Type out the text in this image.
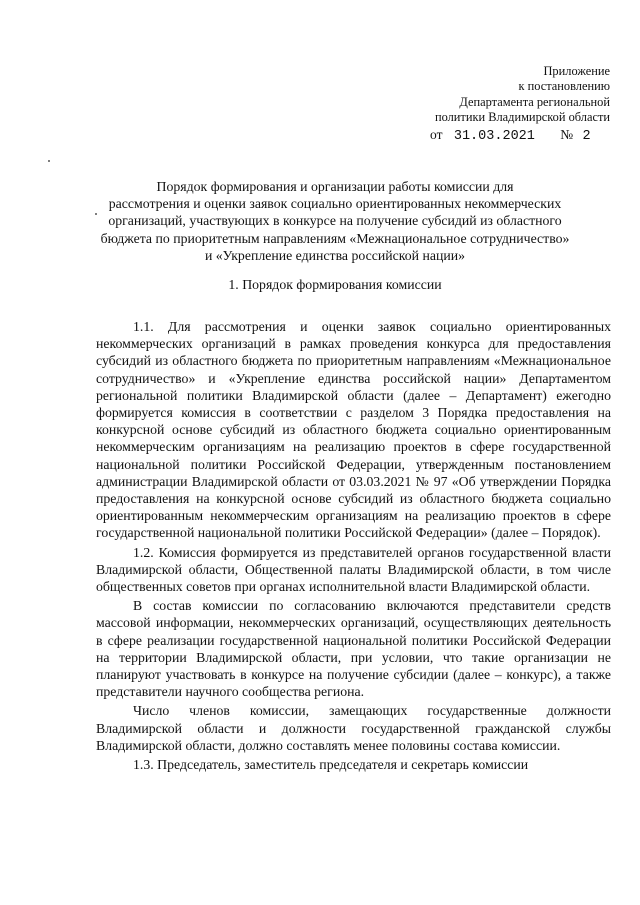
Приложение
к постановлению
Департамента региональной
политики Владимирской области
от 31.03.2021 № 2
Порядок формирования и организации работы комиссии для
рассмотрения и оценки заявок социально ориентированных некоммерческих
организаций, участвующих в конкурсе на получение субсидий из областного
бюджета по приоритетным направлениям «Межнациональное сотрудничество»
и «Укрепление единства российской нации»
1. Порядок формирования комиссии

1.1. Для рассмотрения и оценки заявок социально ориентированных некоммерческих организаций в рамках проведения конкурса для предоставления субсидий из областного бюджета по приоритетным направлениям «Межнациональное сотрудничество» и «Укрепление единства российской нации» Департаментом региональной политики Владимирской области (далее – Департамент) ежегодно формируется комиссия в соответствии с разделом 3 Порядка предоставления на конкурсной основе субсидий из областного бюджета социально ориентированным некоммерческим организациям на реализацию проектов в сфере государственной национальной политики Российской Федерации, утвержденным постановлением администрации Владимирской области от 03.03.2021 № 97 «Об утверждении Порядка предоставления на конкурсной основе субсидий из областного бюджета социально ориентированным некоммерческим организациям на реализацию проектов в сфере государственной национальной политики Российской Федерации» (далее – Порядок).

1.2. Комиссия формируется из представителей органов государственной власти Владимирской области, Общественной палаты Владимирской области, в том числе общественных советов при органах исполнительной власти Владимирской области.

В состав комиссии по согласованию включаются представители средств массовой информации, некоммерческих организаций, осуществляющих деятельность в сфере реализации государственной национальной политики Российской Федерации на территории Владимирской области, при условии, что такие организации не планируют участвовать в конкурсе на получение субсидии (далее – конкурс), а также представители научного сообщества региона.

Число членов комиссии, замещающих государственные должности Владимирской области и должности государственной гражданской службы Владимирской области, должно составлять менее половины состава комиссии.

1.3. Председатель, заместитель председателя и секретарь комиссии
